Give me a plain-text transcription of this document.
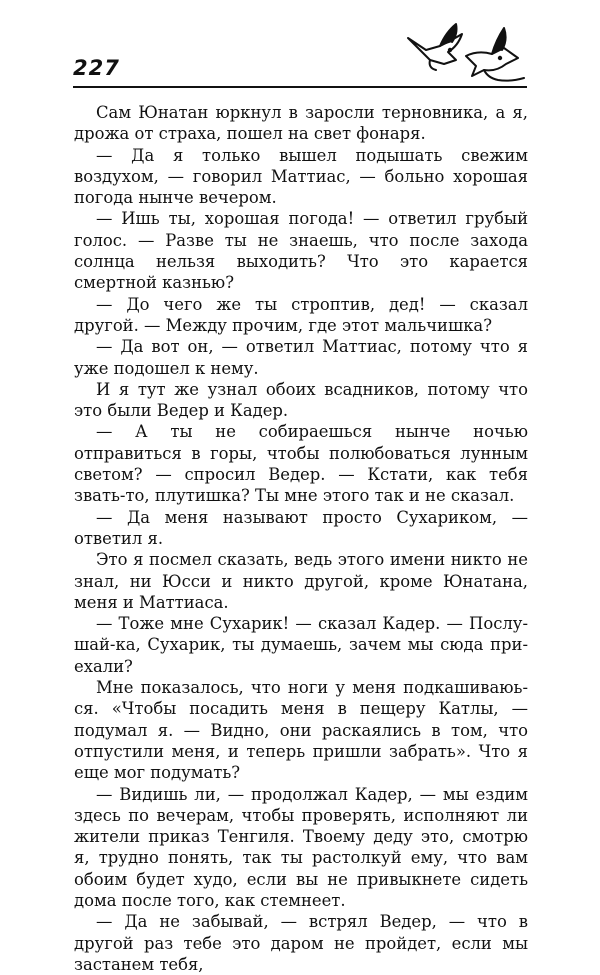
227

Сам Юнатан юркнул в заросли терновника, а я, дрожа от страха, пошел на свет фонаря.

— Да я только вышел подышать свежим воздухом, — говорил Маттиас, — больно хорошая погода нынче вечером.

— Ишь ты, хорошая погода! — ответил грубый голос. — Разве ты не знаешь, что после захода солнца нельзя выходить? Что это карается смертной казнью?

— До чего же ты строптив, дед! — сказал другой. — Между прочим, где этот мальчишка?

— Да вот он, — ответил Маттиас, потому что я уже подошел к нему.

И я тут же узнал обоих всадников, потому что это были Ведер и Кадер.

— А ты не собираешься нынче ночью отправиться в горы, чтобы полюбоваться лунным светом? — спросил Ведер. — Кстати, как тебя звать-то, плутишка? Ты мне этого так и не сказал.

— Да меня называют просто Сухариком, — ответил я.

Это я посмел сказать, ведь этого имени никто не знал, ни Юсси и никто другой, кроме Юнатана, меня и Маттиаса.

— Тоже мне Сухарик! — сказал Кадер. — Послушай-ка, Сухарик, ты думаешь, зачем мы сюда приехали?

Мне показалось, что ноги у меня подкашиваюься. «Чтобы посадить меня в пещеру Катлы, — подумал я. — Видно, они раскаялись в том, что отпустили меня, и теперь пришли забрать». Что я еще мог подумать?

— Видишь ли, — продолжал Кадер, — мы ездим здесь по вечерам, чтобы проверять, исполняют ли жители приказ Тенгиля. Твоему деду это, смотрю я, трудно понять, так ты растолкуй ему, что вам обоим будет худо, если вы не привыкнете сидеть дома после того, как стемнеет.

— Да не забывай, — встрял Ведер, — что в другой раз тебе это даром не пройдет, если мы застанем тебя,
